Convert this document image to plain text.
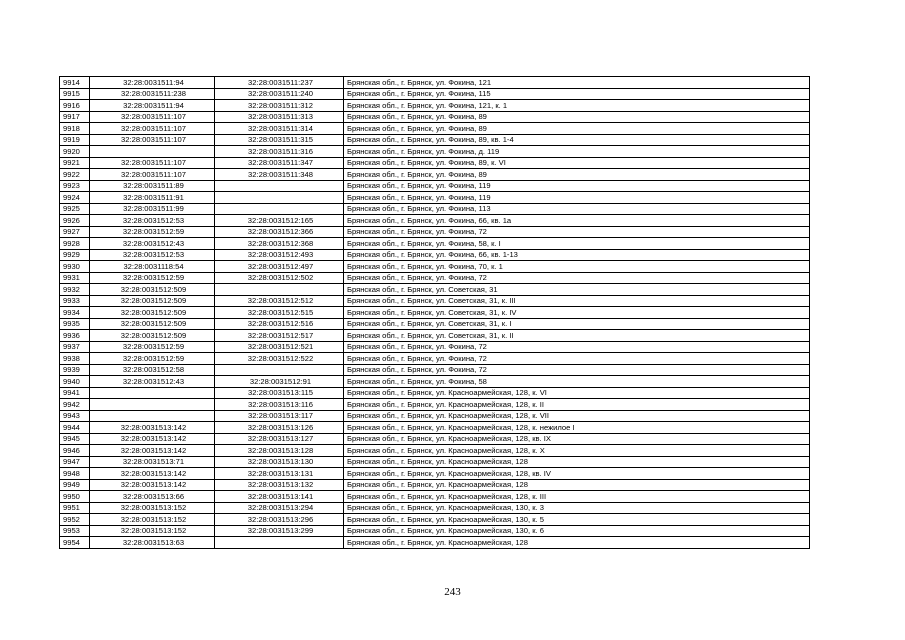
9914	32:28:0031511:94	32:28:0031511:237	Брянская обл., г. Брянск, ул. Фокина, 121
9915	32:28:0031511:238	32:28:0031511:240	Брянская обл., г. Брянск, ул. Фокина, 115
9916	32:28:0031511:94	32:28:0031511:312	Брянская обл., г. Брянск, ул. Фокина, 121, к. 1
9917	32:28:0031511:107	32:28:0031511:313	Брянская обл., г. Брянск, ул. Фокина, 89
9918	32:28:0031511:107	32:28:0031511:314	Брянская обл., г. Брянск, ул. Фокина, 89
9919	32:28:0031511:107	32:28:0031511:315	Брянская обл., г. Брянск, ул. Фокина, 89, кв. 1-4
9920		32:28:0031511:316	Брянская обл., г. Брянск, ул. Фокина, д. 119
9921	32:28:0031511:107	32:28:0031511:347	Брянская обл., г. Брянск, ул. Фокина, 89, к. VI
9922	32:28:0031511:107	32:28:0031511:348	Брянская обл., г. Брянск, ул. Фокина, 89
9923	32:28:0031511:89		Брянская обл., г. Брянск, ул. Фокина, 119
9924	32:28:0031511:91		Брянская обл., г. Брянск, ул. Фокина, 119
9925	32:28:0031511:99		Брянская обл., г. Брянск, ул. Фокина, 113
9926	32:28:0031512:53	32:28:0031512:165	Брянская обл., г. Брянск, ул. Фокина, 66, кв. 1а
9927	32:28:0031512:59	32:28:0031512:366	Брянская обл., г. Брянск, ул. Фокина, 72
9928	32:28:0031512:43	32:28:0031512:368	Брянская обл., г. Брянск, ул. Фокина, 58, к. I
9929	32:28:0031512:53	32:28:0031512:493	Брянская обл., г. Брянск, ул. Фокина, 66, кв. 1-13
9930	32:28:0031118:54	32:28:0031512:497	Брянская обл., г. Брянск, ул. Фокина, 70, к. 1
9931	32:28:0031512:59	32:28:0031512:502	Брянская обл., г. Брянск, ул. Фокина, 72
9932	32:28:0031512:509		Брянская обл., г. Брянск, ул. Советская, 31
9933	32:28:0031512:509	32:28:0031512:512	Брянская обл., г. Брянск, ул. Советская, 31, к. III
9934	32:28:0031512:509	32:28:0031512:515	Брянская обл., г. Брянск, ул. Советская, 31, к. IV
9935	32:28:0031512:509	32:28:0031512:516	Брянская обл., г. Брянск, ул. Советская, 31, к. I
9936	32:28:0031512:509	32:28:0031512:517	Брянская обл., г. Брянск, ул. Советская, 31, к. II
9937	32:28:0031512:59	32:28:0031512:521	Брянская обл., г. Брянск, ул. Фокина, 72
9938	32:28:0031512:59	32:28:0031512:522	Брянская обл., г. Брянск, ул. Фокина, 72
9939	32:28:0031512:58		Брянская обл., г. Брянск, ул. Фокина, 72
9940	32:28:0031512:43	32:28:0031512:91	Брянская обл., г. Брянск, ул. Фокина, 58
9941		32:28:0031513:115	Брянская обл., г. Брянск, ул. Красноармейская, 128, к. VI
9942		32:28:0031513:116	Брянская обл., г. Брянск, ул. Красноармейская, 128, к. II
9943		32:28:0031513:117	Брянская обл., г. Брянск, ул. Красноармейская, 128, к. VII
9944	32:28:0031513:142	32:28:0031513:126	Брянская обл., г. Брянск, ул. Красноармейская, 128, к. нежилое I
9945	32:28:0031513:142	32:28:0031513:127	Брянская обл., г. Брянск, ул. Красноармейская, 128, кв. IX
9946	32:28:0031513:142	32:28:0031513:128	Брянская обл., г. Брянск, ул. Красноармейская, 128, к. X
9947	32:28:0031513:71	32:28:0031513:130	Брянская обл., г. Брянск, ул. Красноармейская, 128
9948	32:28:0031513:142	32:28:0031513:131	Брянская обл., г. Брянск, ул. Красноармейская, 128, кв. IV
9949	32:28:0031513:142	32:28:0031513:132	Брянская обл., г. Брянск, ул. Красноармейская, 128
9950	32:28:0031513:66	32:28:0031513:141	Брянская обл., г. Брянск, ул. Красноармейская, 128, к. III
9951	32:28:0031513:152	32:28:0031513:294	Брянская обл., г. Брянск, ул. Красноармейская, 130, к. 3
9952	32:28:0031513:152	32:28:0031513:296	Брянская обл., г. Брянск, ул. Красноармейская, 130, к. 5
9953	32:28:0031513:152	32:28:0031513:299	Брянская обл., г. Брянск, ул. Красноармейская, 130, к. 6
9954	32:28:0031513:63		Брянская обл., г. Брянск, ул. Красноармейская, 128
243
